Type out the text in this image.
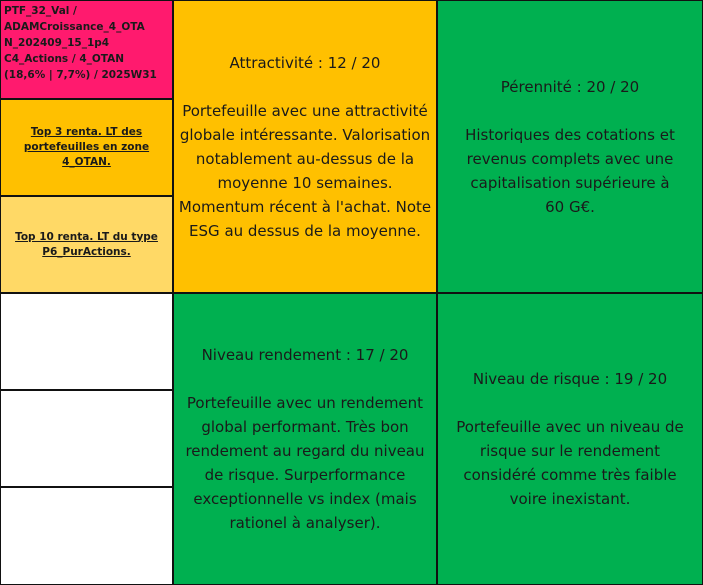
PTF_32_Val /
ADAMCroissance_4_OTA
N_202409_15_1p4
C4_Actions / 4_OTAN
(18,6% | 7,7%) / 2025W31
Top 3 renta. LT des portefeuilles en zone 4_OTAN.
Top 10 renta. LT du type P6_PurActions.
Attractivité : 12 / 20
Portefeuille avec une attractivité globale intéressante. Valorisation notablement au-dessus de la moyenne 10 semaines. Momentum récent à l'achat. Note ESG au dessus de la moyenne.
Pérennité : 20 / 20
Historiques des cotations et revenus complets avec une capitalisation supérieure à 60 G€.
Niveau rendement : 17 / 20
Portefeuille avec un rendement global performant. Très bon rendement au regard du niveau de risque. Surperformance exceptionnelle vs index (mais rationel à analyser).
Niveau de risque : 19 / 20
Portefeuille avec un niveau de risque sur le rendement considéré comme très faible voire inexistant.
